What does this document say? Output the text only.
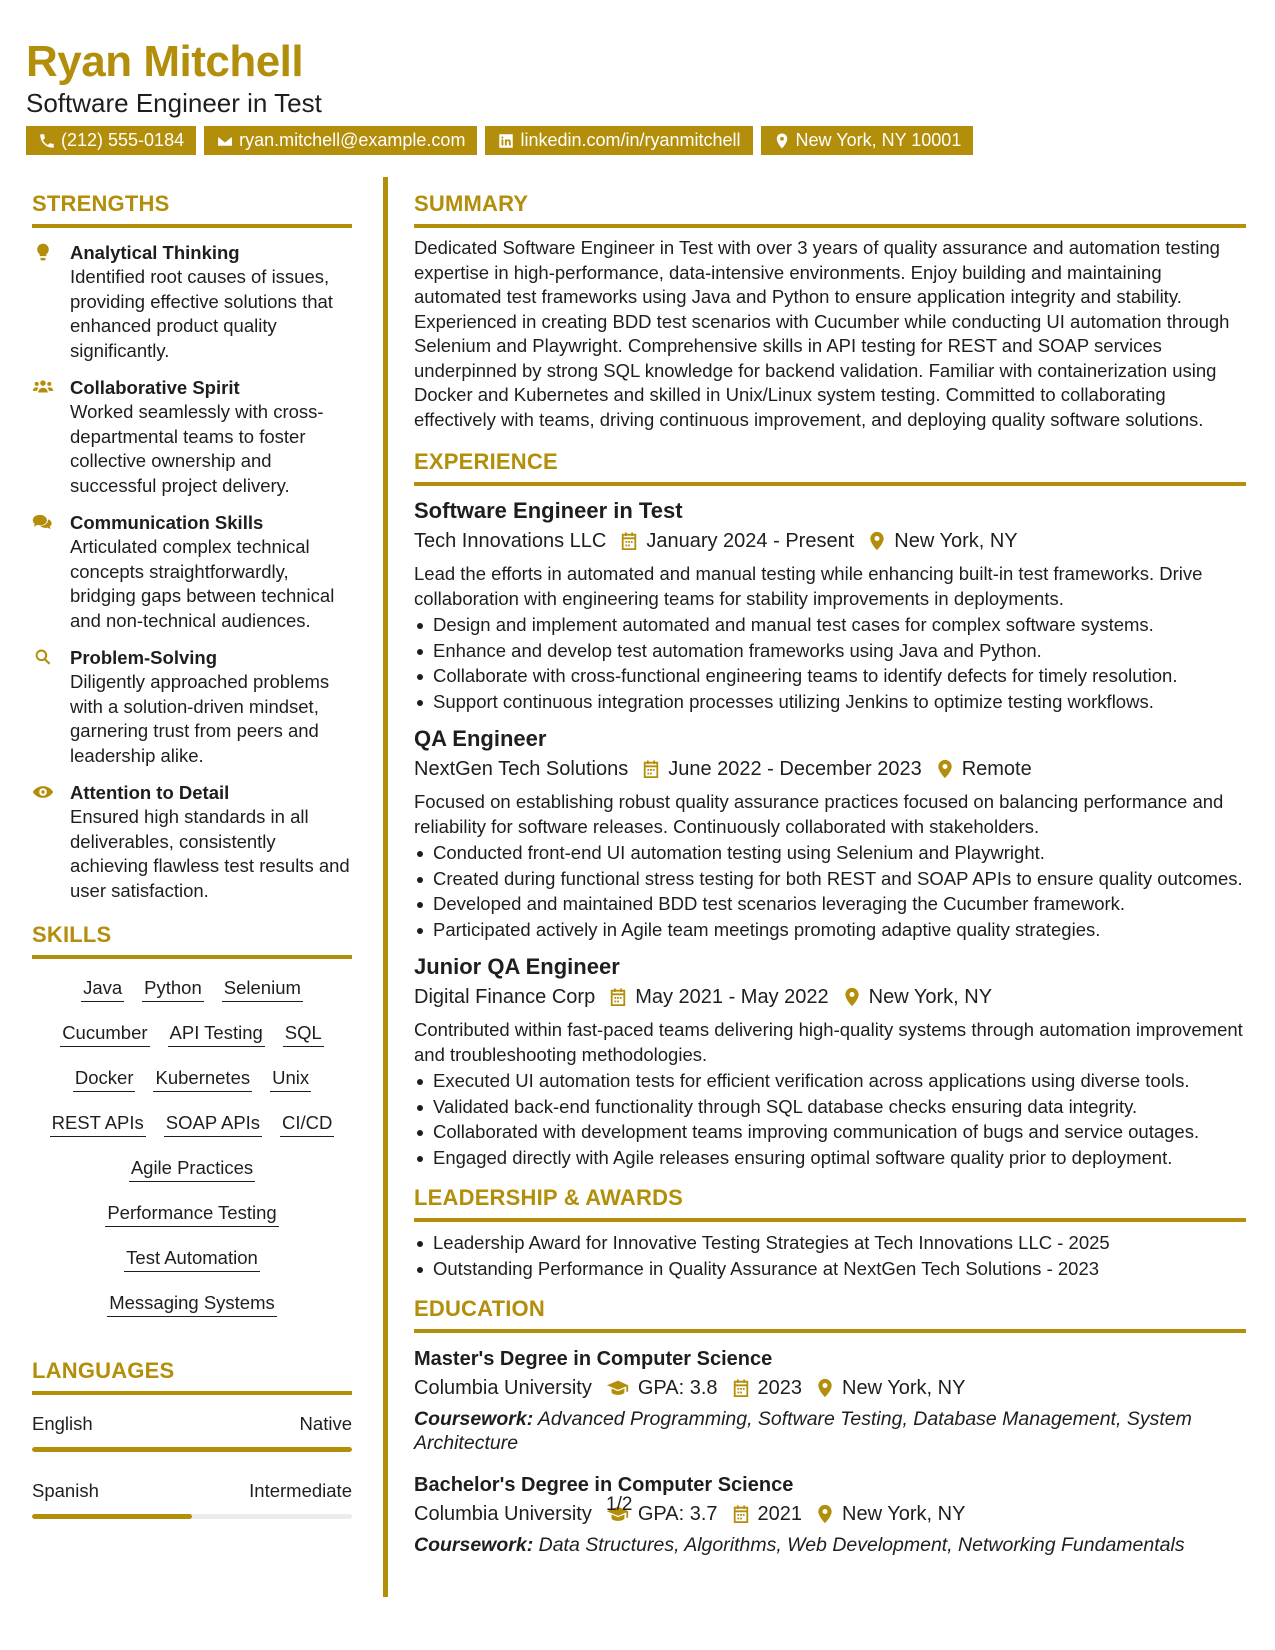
Ryan Mitchell
Software Engineer in Test
(212) 555-0184	ryan.mitchell@example.com	linkedin.com/in/ryanmitchell	New York, NY 10001
STRENGTHS
Analytical Thinking
Identified root causes of issues, providing effective solutions that enhanced product quality significantly.
Collaborative Spirit
Worked seamlessly with cross-departmental teams to foster collective ownership and successful project delivery.
Communication Skills
Articulated complex technical concepts straightforwardly, bridging gaps between technical and non-technical audiences.
Problem-Solving
Diligently approached problems with a solution-driven mindset, garnering trust from peers and leadership alike.
Attention to Detail
Ensured high standards in all deliverables, consistently achieving flawless test results and user satisfaction.
SKILLS
Java Python Selenium
Cucumber API Testing SQL
Docker Kubernetes Unix
REST APIs SOAP APIs CI/CD
Agile Practices
Performance Testing
Test Automation
Messaging Systems
LANGUAGES
English	Native
Spanish	Intermediate
SUMMARY
Dedicated Software Engineer in Test with over 3 years of quality assurance and automation testing expertise in high-performance, data-intensive environments. Enjoy building and maintaining automated test frameworks using Java and Python to ensure application integrity and stability. Experienced in creating BDD test scenarios with Cucumber while conducting UI automation through Selenium and Playwright. Comprehensive skills in API testing for REST and SOAP services underpinned by strong SQL knowledge for backend validation. Familiar with containerization using Docker and Kubernetes and skilled in Unix/Linux system testing. Committed to collaborating effectively with teams, driving continuous improvement, and deploying quality software solutions.
EXPERIENCE
Software Engineer in Test
Tech Innovations LLC January 2024 - Present New York, NY
Lead the efforts in automated and manual testing while enhancing built-in test frameworks. Drive collaboration with engineering teams for stability improvements in deployments.
Design and implement automated and manual test cases for complex software systems.
Enhance and develop test automation frameworks using Java and Python.
Collaborate with cross-functional engineering teams to identify defects for timely resolution.
Support continuous integration processes utilizing Jenkins to optimize testing workflows.
QA Engineer
NextGen Tech Solutions June 2022 - December 2023 Remote
Focused on establishing robust quality assurance practices focused on balancing performance and reliability for software releases. Continuously collaborated with stakeholders.
Conducted front-end UI automation testing using Selenium and Playwright.
Created during functional stress testing for both REST and SOAP APIs to ensure quality outcomes.
Developed and maintained BDD test scenarios leveraging the Cucumber framework.
Participated actively in Agile team meetings promoting adaptive quality strategies.
Junior QA Engineer
Digital Finance Corp May 2021 - May 2022 New York, NY
Contributed within fast-paced teams delivering high-quality systems through automation improvement and troubleshooting methodologies.
Executed UI automation tests for efficient verification across applications using diverse tools.
Validated back-end functionality through SQL database checks ensuring data integrity.
Collaborated with development teams improving communication of bugs and service outages.
Engaged directly with Agile releases ensuring optimal software quality prior to deployment.
LEADERSHIP & AWARDS
Leadership Award for Innovative Testing Strategies at Tech Innovations LLC - 2025
Outstanding Performance in Quality Assurance at NextGen Tech Solutions - 2023
EDUCATION
Master's Degree in Computer Science
Columbia University GPA: 3.8 2023 New York, NY
Coursework: Advanced Programming, Software Testing, Database Management, System Architecture
Bachelor's Degree in Computer Science
Columbia University GPA: 3.7 2021 New York, NY
Coursework: Data Structures, Algorithms, Web Development, Networking Fundamentals
1/2
